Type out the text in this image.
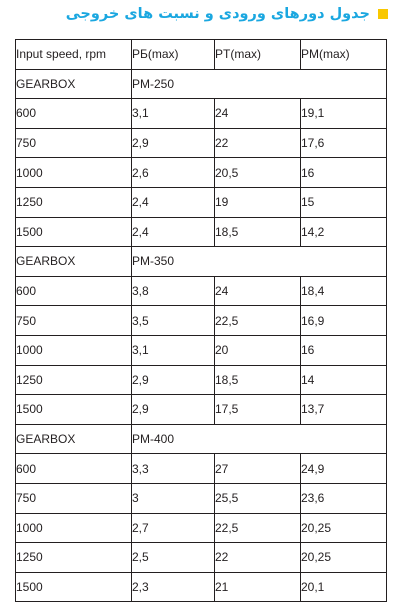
جدول دورهای ورودی و نسبت های خروجی
Input speed, rpm	PБ(max)	PT(max)	PM(max)
GEARBOX	PM-250		
600	3,1	24	19,1
750	2,9	22	17,6
1000	2,6	20,5	16
1250	2,4	19	15
1500	2,4	18,5	14,2
GEARBOX	PM-350		
600	3,8	24	18,4
750	3,5	22,5	16,9
1000	3,1	20	16
1250	2,9	18,5	14
1500	2,9	17,5	13,7
GEARBOX	PM-400		
600	3,3	27	24,9
750	3	25,5	23,6
1000	2,7	22,5	20,25
1250	2,5	22	20,25
1500	2,3	21	20,1
